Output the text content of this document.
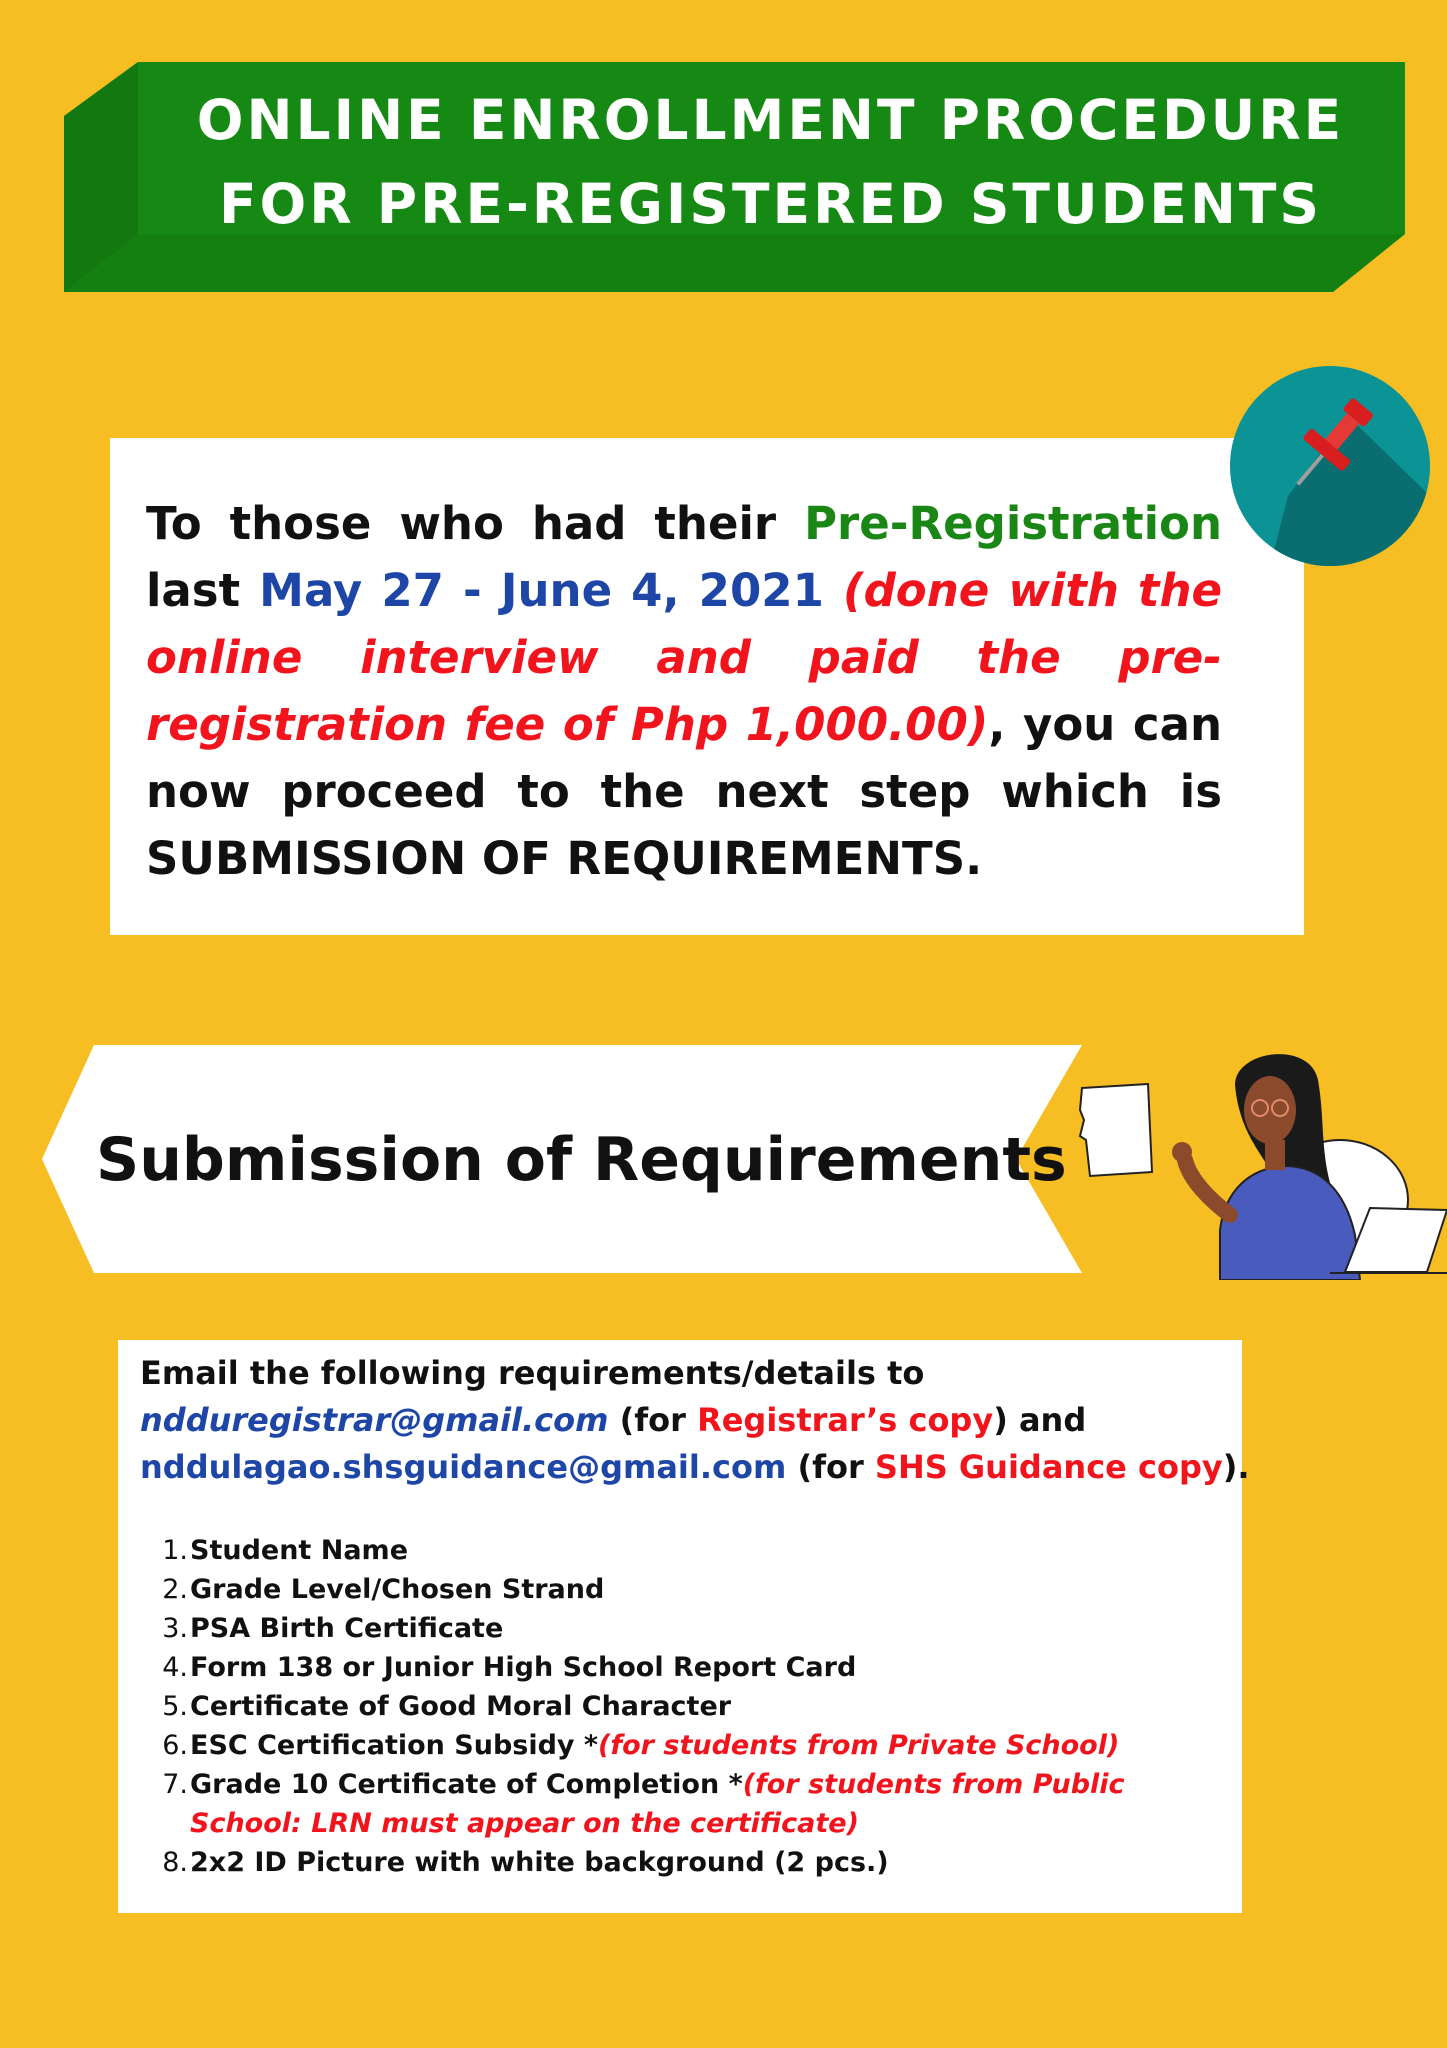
ONLINE ENROLLMENT PROCEDURE
FOR PRE-REGISTERED STUDENTS
To those who had their Pre-Registration last May 27 - June 4, 2021 (done with the online interview and paid the pre-registration fee of Php 1,000.00), you can now proceed to the next step which is SUBMISSION OF REQUIREMENTS.
Submission of Requirements
Email the following requirements/details to
ndduregistrar@gmail.com (for Registrar’s copy) and
nddulagao.shsguidance@gmail.com (for SHS Guidance copy).
1. Student Name
2. Grade Level/Chosen Strand
3. PSA Birth Certificate
4. Form 138 or Junior High School Report Card
5. Certificate of Good Moral Character
6. ESC Certification Subsidy *(for students from Private School)
7. Grade 10 Certificate of Completion *(for students from Public School: LRN must appear on the certificate)
8. 2x2 ID Picture with white background (2 pcs.)
